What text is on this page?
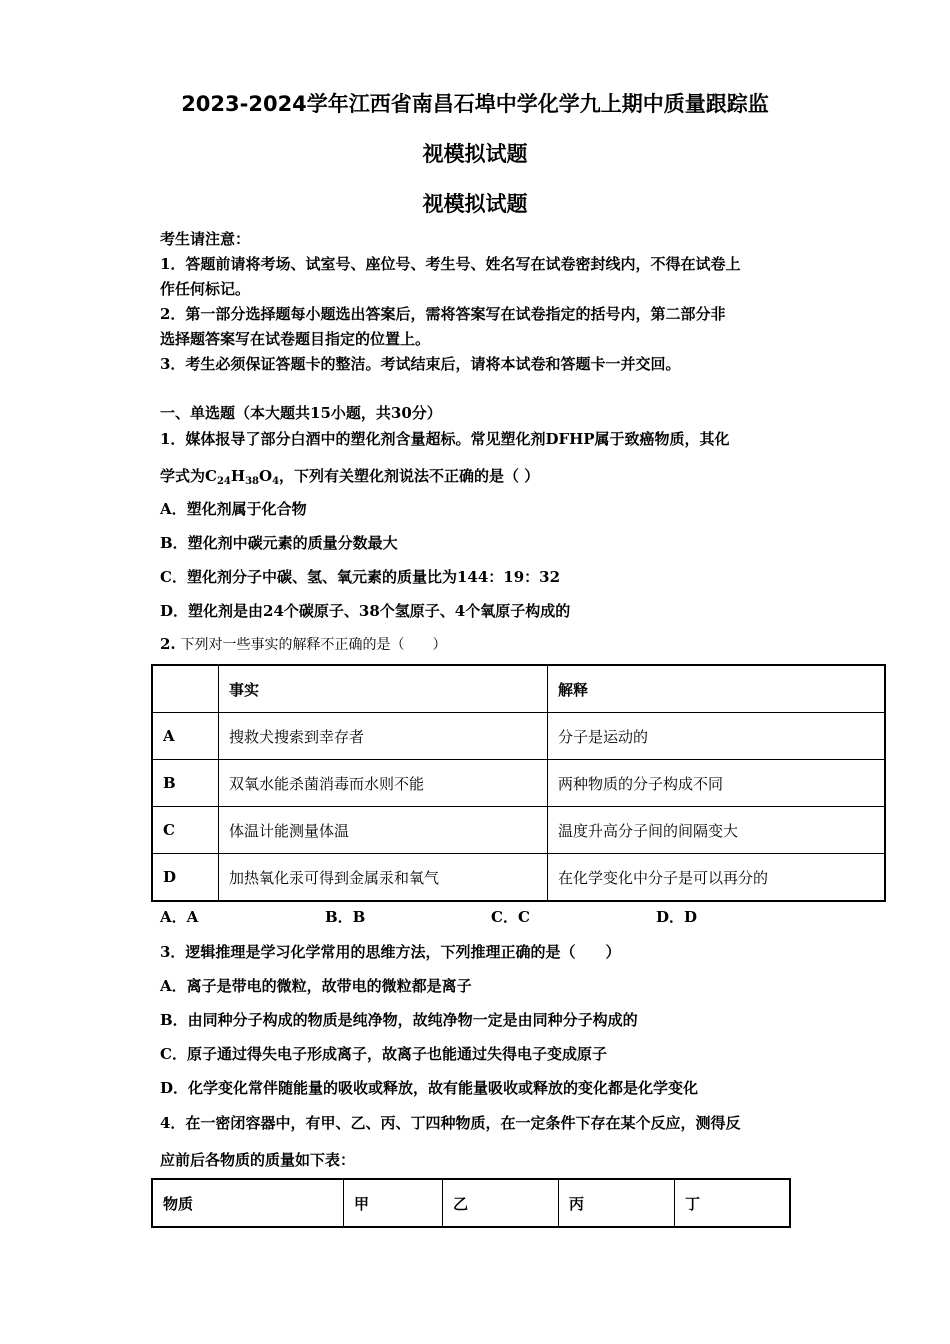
2023-2024学年江西省南昌石埠中学化学九上期中质量跟踪监
视模拟试题
视模拟试题
考生请注意：
1．答题前请将考场、试室号、座位号、考生号、姓名写在试卷密封线内，不得在试卷上
作任何标记。
2．第一部分选择题每小题选出答案后，需将答案写在试卷指定的括号内，第二部分非
选择题答案写在试卷题目指定的位置上。
3．考生必须保证答题卡的整洁。考试结束后，请将本试卷和答题卡一并交回。
一、单选题（本大题共15小题，共30分）
1．媒体报导了部分白酒中的塑化剂含量超标。常见塑化剂DFHP属于致癌物质，其化
学式为$C_{24}H_{38}O_4$，下列有关塑化剂说法不正确的是（ ）
A．塑化剂属于化合物
B．塑化剂中碳元素的质量分数最大
C．塑化剂分子中碳、氢、氧元素的质量比为144：19：32
D．塑化剂是由24个碳原子、38个氢原子、4个氧原子构成的
2. 下列对一些事实的解释不正确的是（　　）
	事实	解释
A	搜救犬搜索到幸存者	分子是运动的
B	双氧水能杀菌消毒而水则不能	两种物质的分子构成不同
C	体温计能测量体温	温度升高分子间的间隔变大
D	加热氧化汞可得到金属汞和氧气	在化学变化中分子是可以再分的
A．A	B．B	C．C	D．D
3．逻辑推理是学习化学常用的思维方法，下列推理正确的是（　　）
A．离子是带电的微粒，故带电的微粒都是离子
B．由同种分子构成的物质是纯净物，故纯净物一定是由同种分子构成的
C．原子通过得失电子形成离子，故离子也能通过失得电子变成原子
D．化学变化常伴随能量的吸收或释放，故有能量吸收或释放的变化都是化学变化
4．在一密闭容器中，有甲、乙、丙、丁四种物质，在一定条件下存在某个反应，测得反
应前后各物质的质量如下表：
物质	甲	乙	丙	丁
